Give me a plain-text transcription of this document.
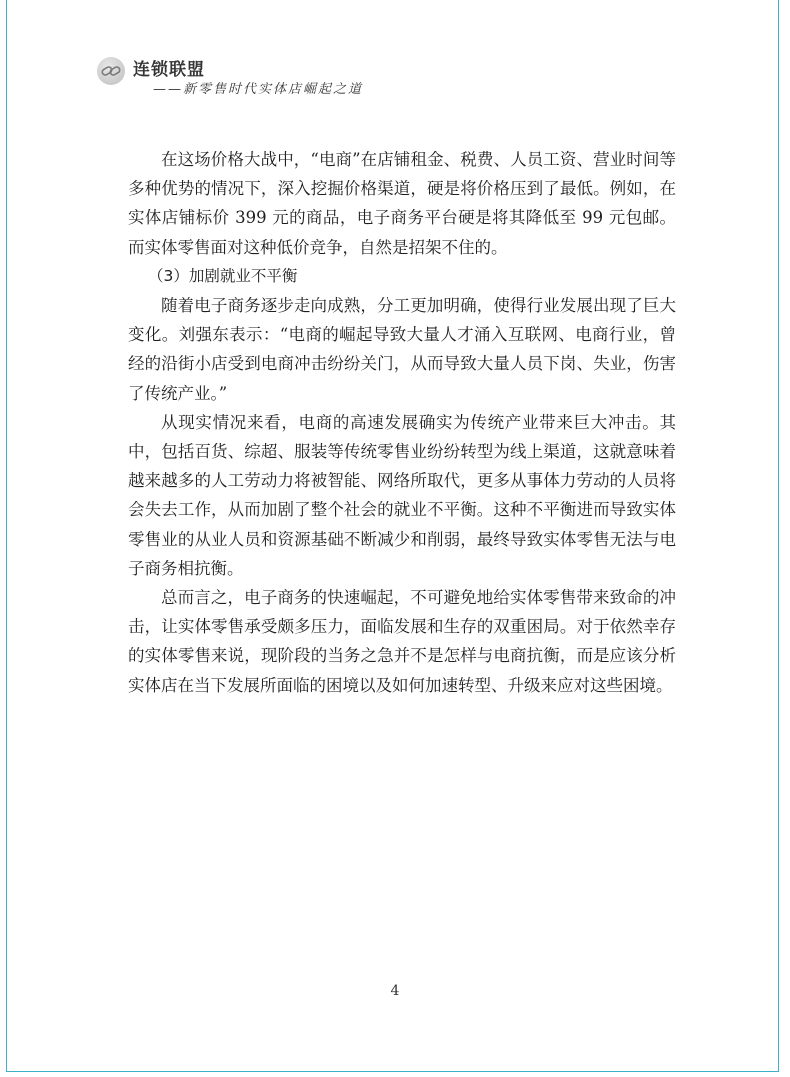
连锁联盟
——新零售时代实体店崛起之道

在这场价格大战中，“电商”在店铺租金、税费、人员工资、营业时间等多种优势的情况下，深入挖掘价格渠道，硬是将价格压到了最低。例如，在实体店铺标价 399 元的商品，电子商务平台硬是将其降低至 99 元包邮。而实体零售面对这种低价竞争，自然是招架不住的。

（3）加剧就业不平衡

随着电子商务逐步走向成熟，分工更加明确，使得行业发展出现了巨大变化。刘强东表示：“电商的崛起导致大量人才涌入互联网、电商行业，曾经的沿街小店受到电商冲击纷纷关门，从而导致大量人员下岗、失业，伤害了传统产业。”

从现实情况来看，电商的高速发展确实为传统产业带来巨大冲击。其中，包括百货、综超、服装等传统零售业纷纷转型为线上渠道，这就意味着越来越多的人工劳动力将被智能、网络所取代，更多从事体力劳动的人员将会失去工作，从而加剧了整个社会的就业不平衡。这种不平衡进而导致实体零售业的从业人员和资源基础不断减少和削弱，最终导致实体零售无法与电子商务相抗衡。

总而言之，电子商务的快速崛起，不可避免地给实体零售带来致命的冲击，让实体零售承受颇多压力，面临发展和生存的双重困局。对于依然幸存的实体零售来说，现阶段的当务之急并不是怎样与电商抗衡，而是应该分析实体店在当下发展所面临的困境以及如何加速转型、升级来应对这些困境。

4
